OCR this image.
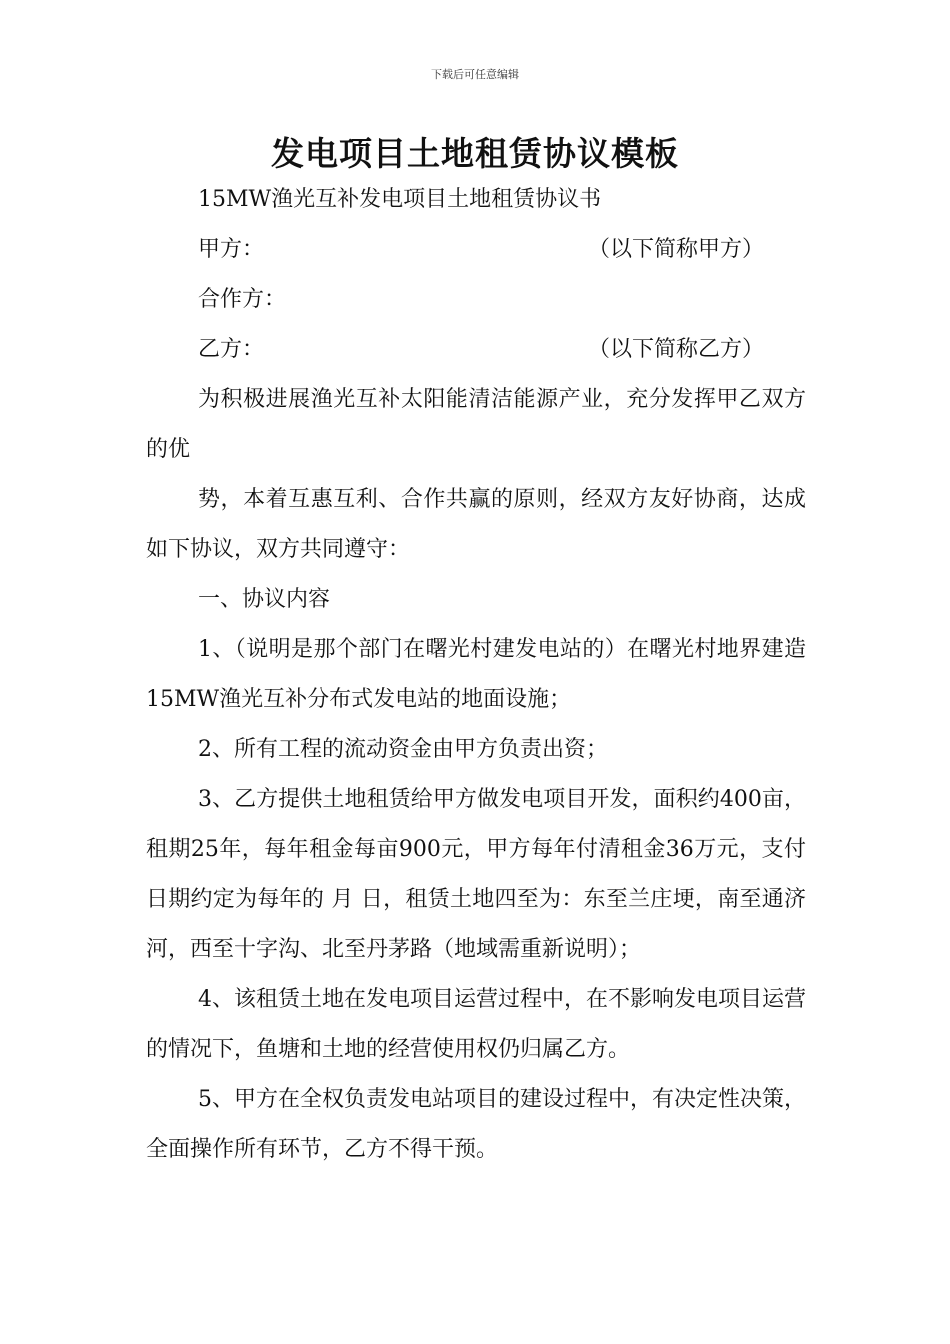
下载后可任意编辑
发电项目土地租赁协议模板

15MW渔光互补发电项目土地租赁协议书

甲方：	（以下简称甲方）
合作方：
乙方：	（以下简称乙方）

为积极进展渔光互补太阳能清洁能源产业，充分发挥甲乙双方的优

势，本着互惠互利、合作共赢的原则，经双方友好协商，达成如下协议，双方共同遵守：

一、协议内容

1、（说明是那个部门在曙光村建发电站的）在曙光村地界建造15MW渔光互补分布式发电站的地面设施；

2、所有工程的流动资金由甲方负责出资；

3、乙方提供土地租赁给甲方做发电项目开发，面积约400亩，租期25年，每年租金每亩900元，甲方每年付清租金36万元，支付日期约定为每年的 月 日，租赁土地四至为：东至兰庄埂，南至通济河，西至十字沟、北至丹茅路（地域需重新说明）；

4、该租赁土地在发电项目运营过程中，在不影响发电项目运营的情况下，鱼塘和土地的经营使用权仍归属乙方。

5、甲方在全权负责发电站项目的建设过程中，有决定性决策，全面操作所有环节，乙方不得干预。
